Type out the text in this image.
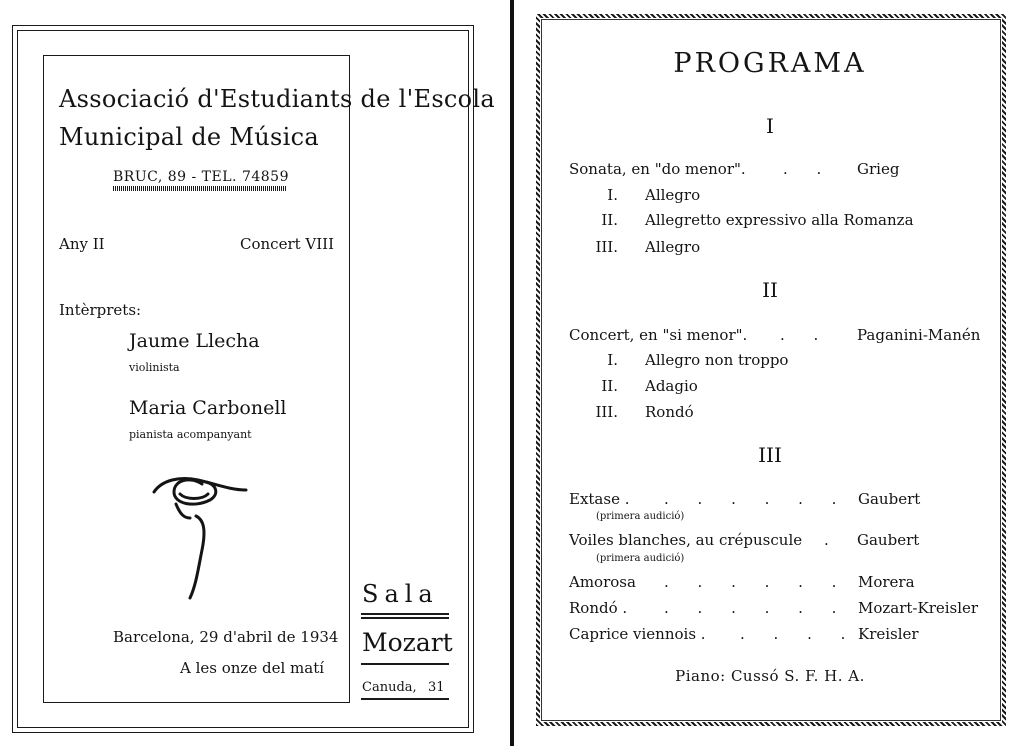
Associació d'Estudiants de l'Escola
Municipal de Música
BRUC, 89 - TEL. 74859
Any II	Concert VIII
Intèrprets:
Jaume Llecha
violinista
Maria Carbonell
pianista acompanyant
Barcelona, 29 d'abril de 1934
A les onze del matí
Sala
Mozart
Canuda, 31
PROGRAMA
I
Sonata, en "do menor". . . Grieg
I. Allegro
II. Allegretto expressivo alla Romanza
III. Allegro
II
Concert, en "si menor". . . Paganini-Manén
I. Allegro non troppo
II. Adagio
III. Rondó
III
Extase . . . . . . . Gaubert
(primera audició)
Voiles blanches, au crépuscule . Gaubert
(primera audició)
Amorosa . . . . . . Morera
Rondó . . . . . . . Mozart-Kreisler
Caprice viennois . . . . . Kreisler
Piano: Cussó S. F. H. A.
